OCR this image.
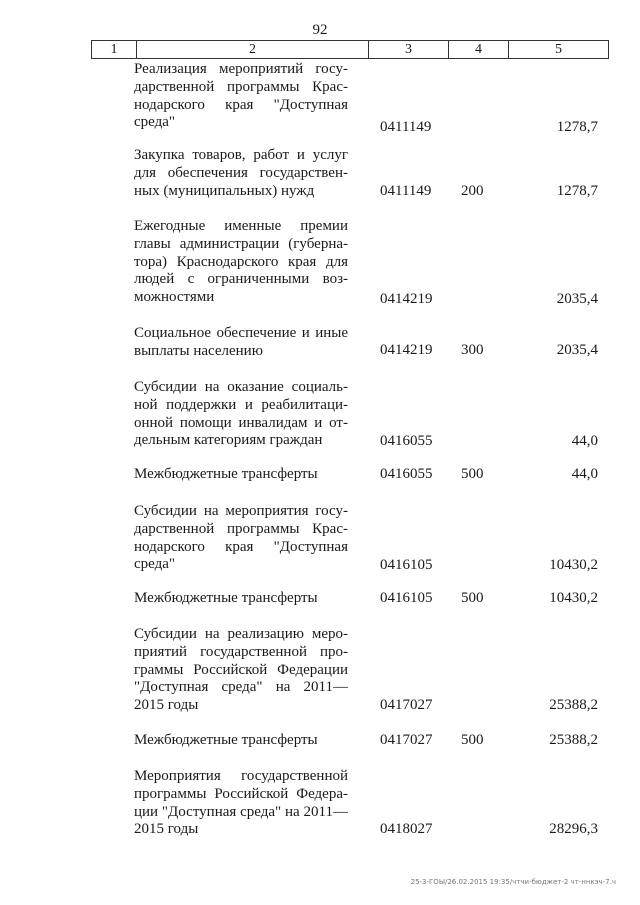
92
1	2	3	4	5
Реализация мероприятий государственной программы Краснодарского края "Доступная среда"	0411149	1278,7
Закупка товаров, работ и услуг для обеспечения государственных (муниципальных) нужд	0411149 200	1278,7
Ежегодные именные премии главы администрации (губернатора) Краснодарского края для людей с ограниченными возможностями	0414219	2035,4
Социальное обеспечение и иные выплаты населению	0414219 300	2035,4
Субсидии на оказание социальной поддержки и реабилитационной помощи инвалидам и отдельным категориям граждан	0416055	44,0
Межбюджетные трансферты	0416055 500	44,0
Субсидии на мероприятия государственной программы Краснодарского края "Доступная среда"	0416105	10430,2
Межбюджетные трансферты	0416105 500	10430,2
Субсидии на реализацию мероприятий государственной программы Российской Федерации "Доступная среда" на 2011—2015 годы	0417027	25388,2
Межбюджетные трансферты	0417027 500	25388,2
Мероприятия государственной программы Российской Федерации "Доступная среда" на 2011—2015 годы	0418027	28296,3
25-3-ГОЫ/26.02.2015 19:35/чтчи-бюджет-2 чт-ннкэч-7.ч
